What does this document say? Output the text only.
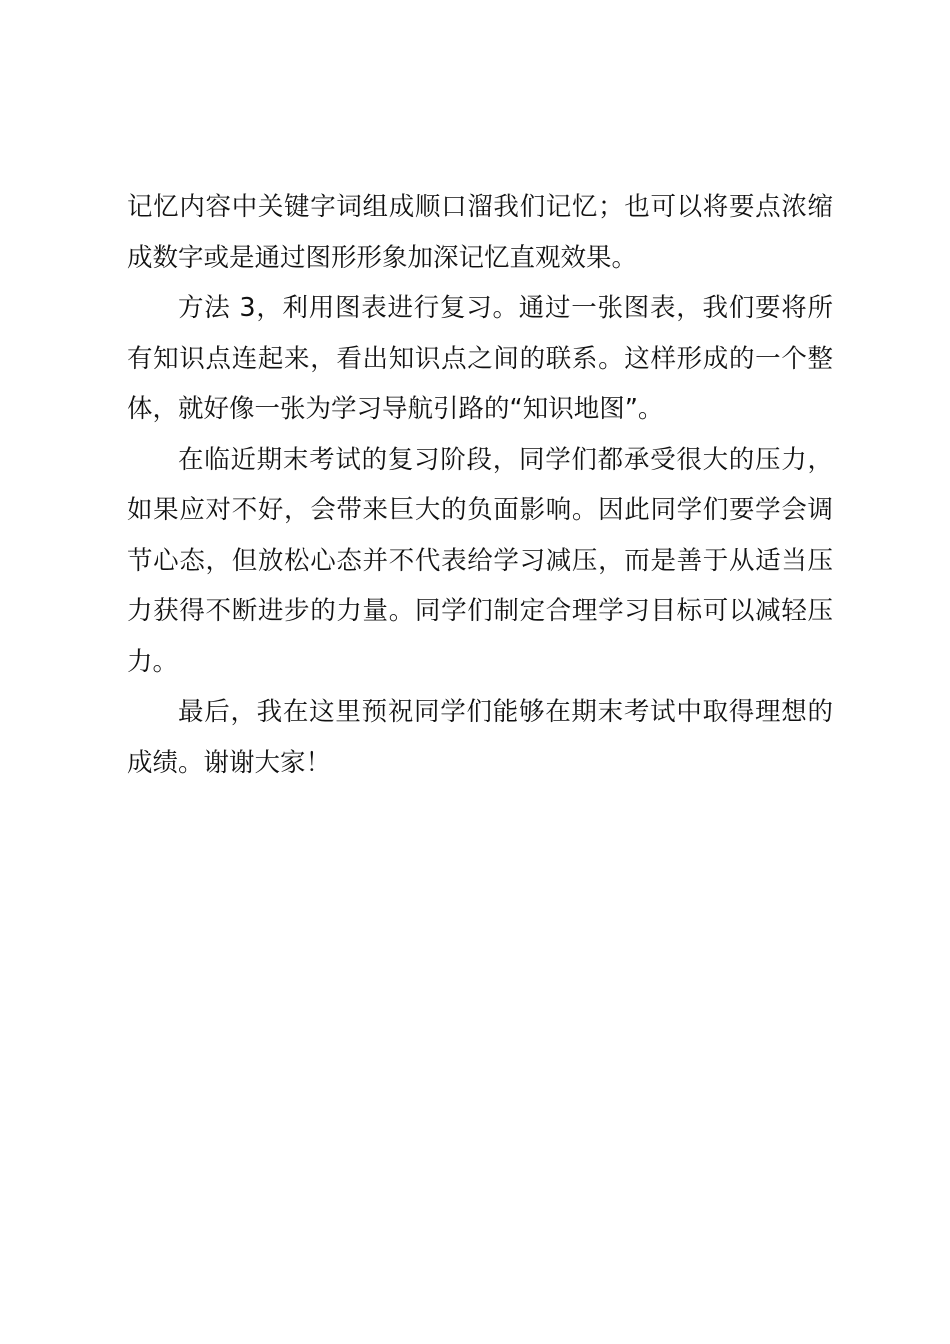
记忆内容中关键字词组成顺口溜我们记忆；也可以将要点浓缩
成数字或是通过图形形象加深记忆直观效果。
方法 3，利用图表进行复习。通过一张图表，我们要将所
有知识点连起来，看出知识点之间的联系。这样形成的一个整
体，就好像一张为学习导航引路的“知识地图”。
在临近期末考试的复习阶段，同学们都承受很大的压力，
如果应对不好，会带来巨大的负面影响。因此同学们要学会调
节心态，但放松心态并不代表给学习减压，而是善于从适当压
力获得不断进步的力量。同学们制定合理学习目标可以减轻压
力。
最后，我在这里预祝同学们能够在期末考试中取得理想的
成绩。谢谢大家！
